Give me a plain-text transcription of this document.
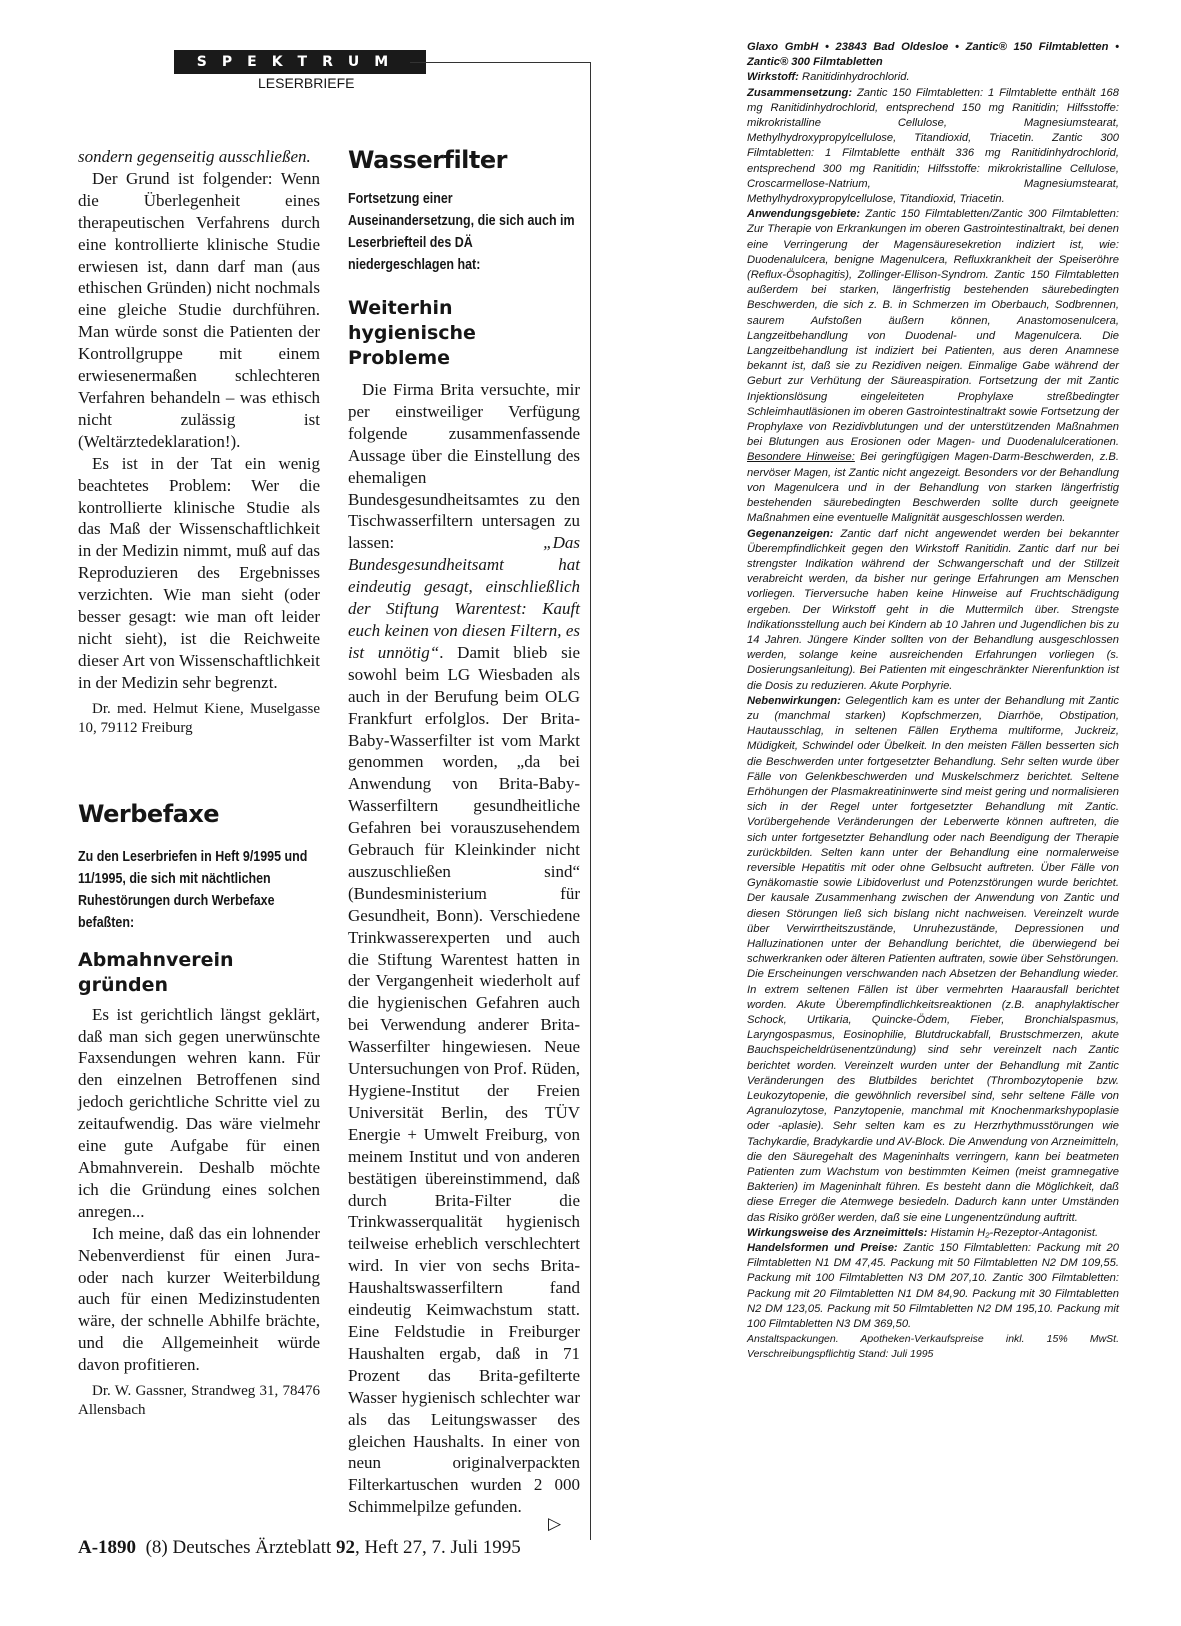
SPEKTRUM
LESERBRIEFE

sondern gegenseitig ausschließen.

Der Grund ist folgender: Wenn die Überlegenheit eines therapeutischen Verfahrens durch eine kontrollierte klinische Studie erwiesen ist, dann darf man (aus ethischen Gründen) nicht nochmals eine gleiche Studie durchführen. Man würde sonst die Patienten der Kontrollgruppe mit einem erwiesenermaßen schlechteren Verfahren behandeln – was ethisch nicht zulässig ist (Weltärztedeklaration!).

Es ist in der Tat ein wenig beachtetes Problem: Wer die kontrollierte klinische Studie als das Maß der Wissenschaftlichkeit in der Medizin nimmt, muß auf das Reproduzieren des Ergebnisses verzichten. Wie man sieht (oder besser gesagt: wie man oft leider nicht sieht), ist die Reichweite dieser Art von Wissenschaftlichkeit in der Medizin sehr begrenzt.

Dr. med. Helmut Kiene, Muselgasse 10, 79112 Freiburg

Werbefaxe

Zu den Leserbriefen in Heft 9/1995 und 11/1995, die sich mit nächtlichen Ruhestörungen durch Werbefaxe befaßten:

Abmahnverein gründen

Es ist gerichtlich längst geklärt, daß man sich gegen unerwünschte Faxsendungen wehren kann. Für den einzelnen Betroffenen sind jedoch gerichtliche Schritte viel zu zeitaufwendig. Das wäre vielmehr eine gute Aufgabe für einen Abmahnverein. Deshalb möchte ich die Gründung eines solchen anregen...

Ich meine, daß das ein lohnender Nebenverdienst für einen Jura- oder nach kurzer Weiterbildung auch für einen Medizinstudenten wäre, der schnelle Abhilfe brächte, und die Allgemeinheit würde davon profitieren.

Dr. W. Gassner, Strandweg 31, 78476 Allensbach

Wasserfilter

Fortsetzung einer Auseinandersetzung, die sich auch im Leserbriefteil des DÄ niedergeschlagen hat:

Weiterhin hygienische Probleme

Die Firma Brita versuchte, mir per einstweiliger Verfügung folgende zusammenfassende Aussage über die Einstellung des ehemaligen Bundesgesundheitsamtes zu den Tischwasserfiltern untersagen zu lassen: „Das Bundesgesundheitsamt hat eindeutig gesagt, einschließlich der Stiftung Warentest: Kauft euch keinen von diesen Filtern, es ist unnötig“. Damit blieb sie sowohl beim LG Wiesbaden als auch in der Berufung beim OLG Frankfurt erfolglos. Der Brita-Baby-Wasserfilter ist vom Markt genommen worden, „da bei Anwendung von Brita-Baby-Wasserfiltern gesundheitliche Gefahren bei vorauszusehendem Gebrauch für Kleinkinder nicht auszuschließen sind“ (Bundesministerium für Gesundheit, Bonn). Verschiedene Trinkwasserexperten und auch die Stiftung Warentest hatten in der Vergangenheit wiederholt auf die hygienischen Gefahren auch bei Verwendung anderer Brita-Wasserfilter hingewiesen. Neue Untersuchungen von Prof. Rüden, Hygiene-Institut der Freien Universität Berlin, des TÜV Energie + Umwelt Freiburg, von meinem Institut und von anderen bestätigen übereinstimmend, daß durch Brita-Filter die Trinkwasserqualität hygienisch teilweise erheblich verschlechtert wird. In vier von sechs Brita-Haushaltswasserfiltern fand eindeutig Keimwachstum statt. Eine Feldstudie in Freiburger Haushalten ergab, daß in 71 Prozent das Brita-gefilterte Wasser hygienisch schlechter war als das Leitungswasser des gleichen Haushalts. In einer von neun originalverpackten Filterkartuschen wurden 2 000 Schimmelpilze gefunden.

▷

Glaxo GmbH • 23843 Bad Oldesloe • Zantic® 150 Filmtabletten • Zantic® 300 Filmtabletten

Wirkstoff: Ranitidinhydrochlorid.

Zusammensetzung: Zantic 150 Filmtabletten: 1 Filmtablette enthält 168 mg Ranitidinhydrochlorid, entsprechend 150 mg Ranitidin; Hilfsstoffe: mikrokristalline Cellulose, Magnesiumstearat, Methylhydroxypropylcellulose, Titandioxid, Triacetin. Zantic 300 Filmtabletten: 1 Filmtablette enthält 336 mg Ranitidinhydrochlorid, entsprechend 300 mg Ranitidin; Hilfsstoffe: mikrokristalline Cellulose, Croscarmellose-Natrium, Magnesiumstearat, Methylhydroxypropylcellulose, Titandioxid, Triacetin.

Anwendungsgebiete: Zantic 150 Filmtabletten/Zantic 300 Filmtabletten: Zur Therapie von Erkrankungen im oberen Gastrointestinaltrakt, bei denen eine Verringerung der Magensäuresekretion indiziert ist, wie: Duodenalulcera, benigne Magenulcera, Refluxkrankheit der Speiseröhre (Reflux-Ösophagitis), Zollinger-Ellison-Syndrom. Zantic 150 Filmtabletten außerdem bei starken, längerfristig bestehenden säurebedingten Beschwerden, die sich z. B. in Schmerzen im Oberbauch, Sodbrennen, saurem Aufstoßen äußern können, Anastomosenulcera, Langzeitbehandlung von Duodenal- und Magenulcera. Die Langzeitbehandlung ist indiziert bei Patienten, aus deren Anamnese bekannt ist, daß sie zu Rezidiven neigen. Einmalige Gabe während der Geburt zur Verhütung der Säureaspiration. Fortsetzung der mit Zantic Injektionslösung eingeleiteten Prophylaxe streßbedingter Schleimhautläsionen im oberen Gastrointestinaltrakt sowie Fortsetzung der Prophylaxe von Rezidivblutungen und der unterstützenden Maßnahmen bei Blutungen aus Erosionen oder Magen- und Duodenalulcerationen. Besondere Hinweise: Bei geringfügigen Magen-Darm-Beschwerden, z.B. nervöser Magen, ist Zantic nicht angezeigt. Besonders vor der Behandlung von Magenulcera und in der Behandlung von starken längerfristig bestehenden säurebedingten Beschwerden sollte durch geeignete Maßnahmen eine eventuelle Malignität ausgeschlossen werden.

Gegenanzeigen: Zantic darf nicht angewendet werden bei bekannter Überempfindlichkeit gegen den Wirkstoff Ranitidin. Zantic darf nur bei strengster Indikation während der Schwangerschaft und der Stillzeit verabreicht werden, da bisher nur geringe Erfahrungen am Menschen vorliegen. Tierversuche haben keine Hinweise auf Fruchtschädigung ergeben. Der Wirkstoff geht in die Muttermilch über. Strengste Indikationsstellung auch bei Kindern ab 10 Jahren und Jugendlichen bis zu 14 Jahren. Jüngere Kinder sollten von der Behandlung ausgeschlossen werden, solange keine ausreichenden Erfahrungen vorliegen (s. Dosierungsanleitung). Bei Patienten mit eingeschränkter Nierenfunktion ist die Dosis zu reduzieren. Akute Porphyrie.

Nebenwirkungen: Gelegentlich kam es unter der Behandlung mit Zantic zu (manchmal starken) Kopfschmerzen, Diarrhöe, Obstipation, Hautausschlag, in seltenen Fällen Erythema multiforme, Juckreiz, Müdigkeit, Schwindel oder Übelkeit. In den meisten Fällen besserten sich die Beschwerden unter fortgesetzter Behandlung. Sehr selten wurde über Fälle von Gelenkbeschwerden und Muskelschmerz berichtet. Seltene Erhöhungen der Plasmakreatininwerte sind meist gering und normalisieren sich in der Regel unter fortgesetzter Behandlung mit Zantic. Vorübergehende Veränderungen der Leberwerte können auftreten, die sich unter fortgesetzter Behandlung oder nach Beendigung der Therapie zurückbilden. Selten kann unter der Behandlung eine normalerweise reversible Hepatitis mit oder ohne Gelbsucht auftreten. Über Fälle von Gynäkomastie sowie Libidoverlust und Potenzstörungen wurde berichtet. Der kausale Zusammenhang zwischen der Anwendung von Zantic und diesen Störungen ließ sich bislang nicht nachweisen. Vereinzelt wurde über Verwirrtheitszustände, Unruhezustände, Depressionen und Halluzinationen unter der Behandlung berichtet, die überwiegend bei schwerkranken oder älteren Patienten auftraten, sowie über Sehstörungen. Die Erscheinungen verschwanden nach Absetzen der Behandlung wieder. In extrem seltenen Fällen ist über vermehrten Haarausfall berichtet worden. Akute Überempfindlichkeitsreaktionen (z.B. anaphylaktischer Schock, Urtikaria, Quincke-Ödem, Fieber, Bronchialspasmus, Laryngospasmus, Eosinophilie, Blutdruckabfall, Brustschmerzen, akute Bauchspeicheldrüsenentzündung) sind sehr vereinzelt nach Zantic berichtet worden. Vereinzelt wurden unter der Behandlung mit Zantic Veränderungen des Blutbildes berichtet (Thrombozytopenie bzw. Leukozytopenie, die gewöhnlich reversibel sind, sehr seltene Fälle von Agranulozytose, Panzytopenie, manchmal mit Knochenmarkshypoplasie oder -aplasie). Sehr selten kam es zu Herzrhythmusstörungen wie Tachykardie, Bradykardie und AV-Block. Die Anwendung von Arzneimitteln, die den Säuregehalt des Mageninhalts verringern, kann bei beatmeten Patienten zum Wachstum von bestimmten Keimen (meist gramnegative Bakterien) im Mageninhalt führen. Es besteht dann die Möglichkeit, daß diese Erreger die Atemwege besiedeln. Dadurch kann unter Umständen das Risiko größer werden, daß sie eine Lungenentzündung auftritt.

Wirkungsweise des Arzneimittels: Histamin H₂-Rezeptor-Antagonist.

Handelsformen und Preise: Zantic 150 Filmtabletten: Packung mit 20 Filmtabletten N1 DM 47,45. Packung mit 50 Filmtabletten N2 DM 109,55. Packung mit 100 Filmtabletten N3 DM 207,10. Zantic 300 Filmtabletten: Packung mit 20 Filmtabletten N1 DM 84,90. Packung mit 30 Filmtabletten N2 DM 123,05. Packung mit 50 Filmtabletten N2 DM 195,10. Packung mit 100 Filmtabletten N3 DM 369,50.

Anstaltspackungen. Apotheken-Verkaufspreise inkl. 15% MwSt. Verschreibungspflichtig Stand: Juli 1995

A-1890 (8) Deutsches Ärzteblatt 92, Heft 27, 7. Juli 1995
